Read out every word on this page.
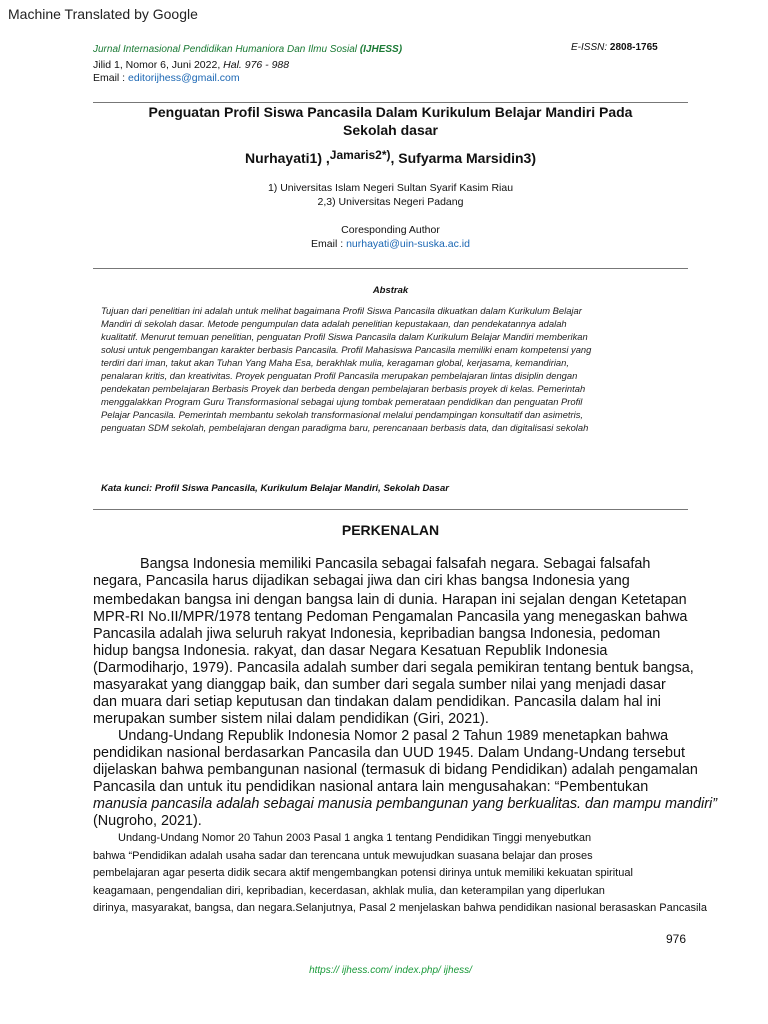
Machine Translated by Google
Jurnal Internasional Pendidikan Humaniora Dan Ilmu Sosial (IJHESS)	E-ISSN: 2808-1765
Jilid 1, Nomor 6, Juni 2022, Hal. 976 - 988
Email : editorijhess@gmail.com
Penguatan Profil Siswa Pancasila Dalam Kurikulum Belajar Mandiri Pada
Sekolah dasar
Nurhayati1) ,$^{Jamaris2*)}$, Sufyarma Marsidin3)
1) Universitas Islam Negeri Sultan Syarif Kasim Riau
2,3) Universitas Negeri Padang
Coresponding Author
Email : nurhayati@uin-suska.ac.id
Abstrak
Tujuan dari penelitian ini adalah untuk melihat bagaimana Profil Siswa Pancasila dikuatkan dalam Kurikulum Belajar
Mandiri di sekolah dasar. Metode pengumpulan data adalah penelitian kepustakaan, dan pendekatannya adalah
kualitatif. Menurut temuan penelitian, penguatan Profil Siswa Pancasila dalam Kurikulum Belajar Mandiri memberikan
solusi untuk pengembangan karakter berbasis Pancasila. Profil Mahasiswa Pancasila memiliki enam kompetensi yang
terdiri dari iman, takut akan Tuhan Yang Maha Esa, berakhlak mulia, keragaman global, kerjasama, kemandirian,
penalaran kritis, dan kreativitas. Proyek penguatan Profil Pancasila merupakan pembelajaran lintas disiplin dengan
pendekatan pembelajaran Berbasis Proyek dan berbeda dengan pembelajaran berbasis proyek di kelas. Pemerintah
menggalakkan Program Guru Transformasional sebagai ujung tombak pemerataan pendidikan dan penguatan Profil
Pelajar Pancasila. Pemerintah membantu sekolah transformasional melalui pendampingan konsultatif dan asimetris,
penguatan SDM sekolah, pembelajaran dengan paradigma baru, perencanaan berbasis data, dan digitalisasi sekolah
Kata kunci: Profil Siswa Pancasila, Kurikulum Belajar Mandiri, Sekolah Dasar
PERKENALAN
Bangsa Indonesia memiliki Pancasila sebagai falsafah negara. Sebagai falsafah
negara, Pancasila harus dijadikan sebagai jiwa dan ciri khas bangsa Indonesia yang
membedakan bangsa ini dengan bangsa lain di dunia. Harapan ini sejalan dengan Ketetapan
MPR-RI No.II/MPR/1978 tentang Pedoman Pengamalan Pancasila yang menegaskan bahwa
Pancasila adalah jiwa seluruh rakyat Indonesia, kepribadian bangsa Indonesia, pedoman
hidup bangsa Indonesia. rakyat, dan dasar Negara Kesatuan Republik Indonesia
(Darmodiharjo, 1979). Pancasila adalah sumber dari segala pemikiran tentang bentuk bangsa,
masyarakat yang dianggap baik, dan sumber dari segala sumber nilai yang menjadi dasar
dan muara dari setiap keputusan dan tindakan dalam pendidikan. Pancasila dalam hal ini
merupakan sumber sistem nilai dalam pendidikan (Giri, 2021).
Undang-Undang Republik Indonesia Nomor 2 pasal 2 Tahun 1989 menetapkan bahwa
pendidikan nasional berdasarkan Pancasila dan UUD 1945. Dalam Undang-Undang tersebut
dijelaskan bahwa pembangunan nasional (termasuk di bidang Pendidikan) adalah pengamalan
Pancasila dan untuk itu pendidikan nasional antara lain mengusahakan: “Pembentukan
manusia pancasila adalah sebagai manusia pembangunan yang berkualitas. dan mampu mandiri”
(Nugroho, 2021).
Undang-Undang Nomor 20 Tahun 2003 Pasal 1 angka 1 tentang Pendidikan Tinggi menyebutkan
bahwa “Pendidikan adalah usaha sadar dan terencana untuk mewujudkan suasana belajar dan proses
pembelajaran agar peserta didik secara aktif mengembangkan potensi dirinya untuk memiliki kekuatan spiritual
keagamaan, pengendalian diri, kepribadian, kecerdasan, akhlak mulia, dan keterampilan yang diperlukan
dirinya, masyarakat, bangsa, dan negara.Selanjutnya, Pasal 2 menjelaskan bahwa pendidikan nasional berasaskan Pancasila
976
https:// ijhess.com/ index.php/ ijhess/
